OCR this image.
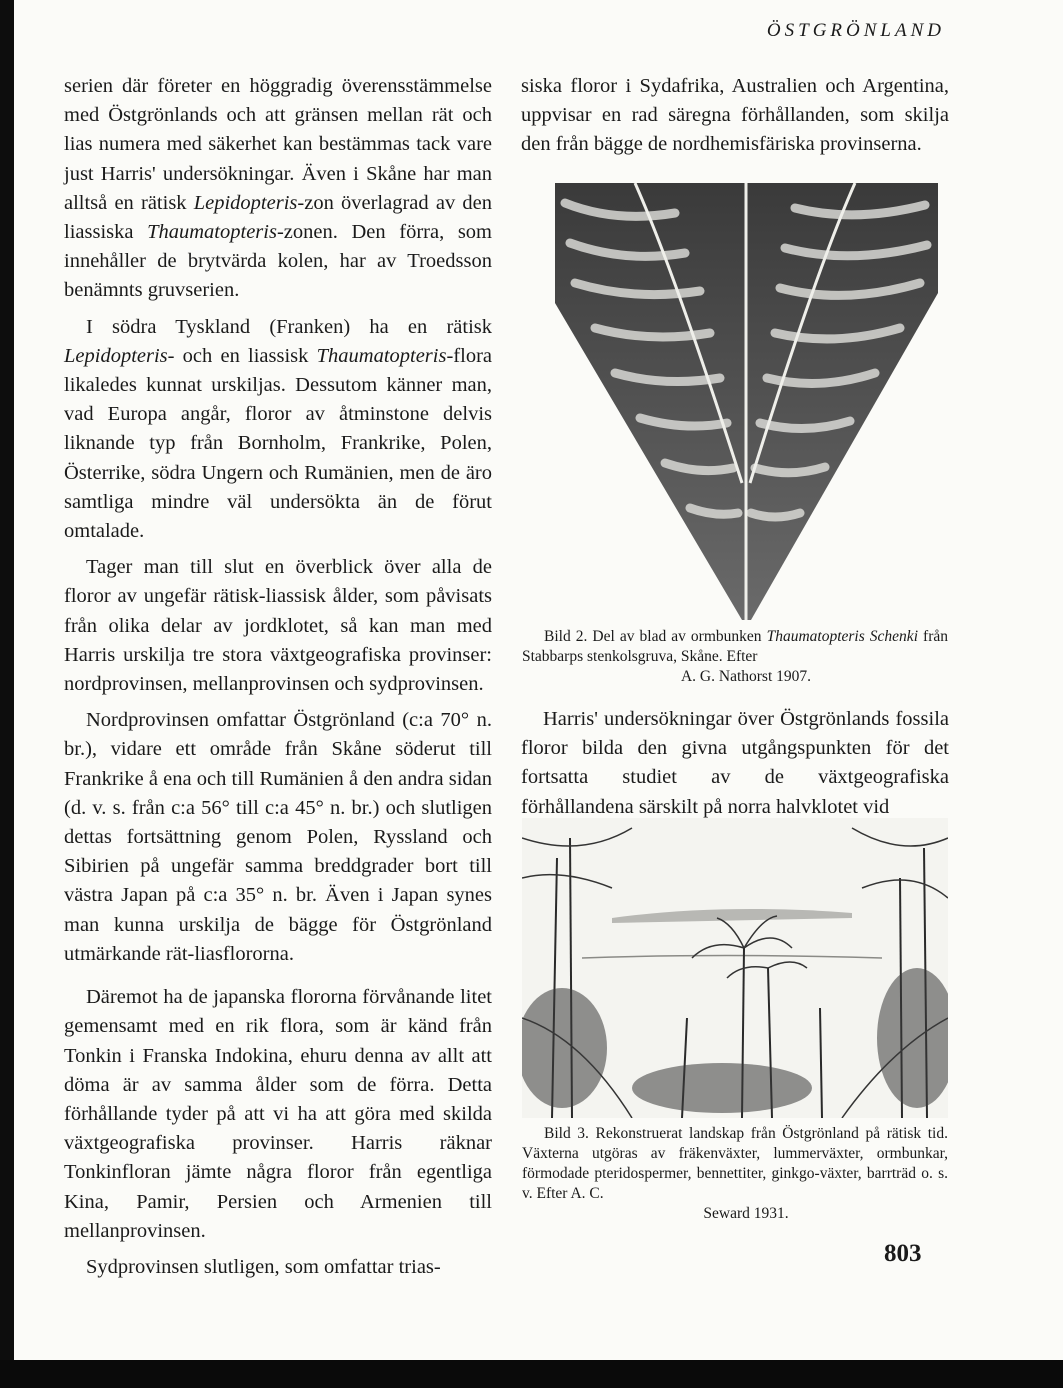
ÖSTGRÖNLAND

serien där företer en höggradig överensstämmelse med Östgrönlands och att gränsen mellan rät och lias numera med säkerhet kan bestämmas tack vare just Harris' undersökningar. Även i Skåne har man alltså en rätisk Lepidopteris-zon överlagrad av den liassiska Thaumatopteris-zonen. Den förra, som innehåller de brytvärda kolen, har av Troedsson benämnts gruvserien.

I södra Tyskland (Franken) ha en rätisk Lepidopteris- och en liassisk Thaumatopteris-flora likaledes kunnat urskiljas. Dessutom känner man, vad Europa angår, floror av åtminstone delvis liknande typ från Bornholm, Frankrike, Polen, Österrike, södra Ungern och Rumänien, men de äro samtliga mindre väl undersökta än de förut omtalade.

Tager man till slut en överblick över alla de floror av ungefär rätisk-liassisk ålder, som påvisats från olika delar av jordklotet, så kan man med Harris urskilja tre stora växtgeografiska provinser: nordprovinsen, mellanprovinsen och sydprovinsen.

Nordprovinsen omfattar Östgrönland (c:a 70° n. br.), vidare ett område från Skåne söderut till Frankrike å ena och till Rumänien å den andra sidan (d. v. s. från c:a 56° till c:a 45° n. br.) och slutligen dettas fortsättning genom Polen, Ryssland och Sibirien på ungefär samma breddgrader bort till västra Japan på c:a 35° n. br. Även i Japan synes man kunna urskilja de bägge för Östgrönland utmärkande rät-liasflororna.

Däremot ha de japanska flororna förvånande litet gemensamt med en rik flora, som är känd från Tonkin i Franska Indokina, ehuru denna av allt att döma är av samma ålder som de förra. Detta förhållande tyder på att vi ha att göra med skilda växtgeografiska provinser. Harris räknar Tonkinfloran jämte några floror från egentliga Kina, Pamir, Persien och Armenien till mellanprovinsen.

Sydprovinsen slutligen, som omfattar trias-

siska floror i Sydafrika, Australien och Argentina, uppvisar en rad säregna förhållanden, som skilja den från bägge de nordhemisfäriska provinserna.

Bild 2. Del av blad av ormbunken Thaumatopteris Schenki från Stabbarps stenkolsgruva, Skåne. Efter
A. G. Nathorst 1907.

Harris' undersökningar över Östgrönlands fossila floror bilda den givna utgångspunkten för det fortsatta studiet av de växtgeografiska förhållandena särskilt på norra halvklotet vid

Bild 3. Rekonstruerat landskap från Östgrönland på rätisk tid. Växterna utgöras av fräkenväxter, lummerväxter, ormbunkar, förmodade pteridospermer, bennettiter, ginkgo-växter, barrträd o. s. v. Efter A. C.
Seward 1931.

803
